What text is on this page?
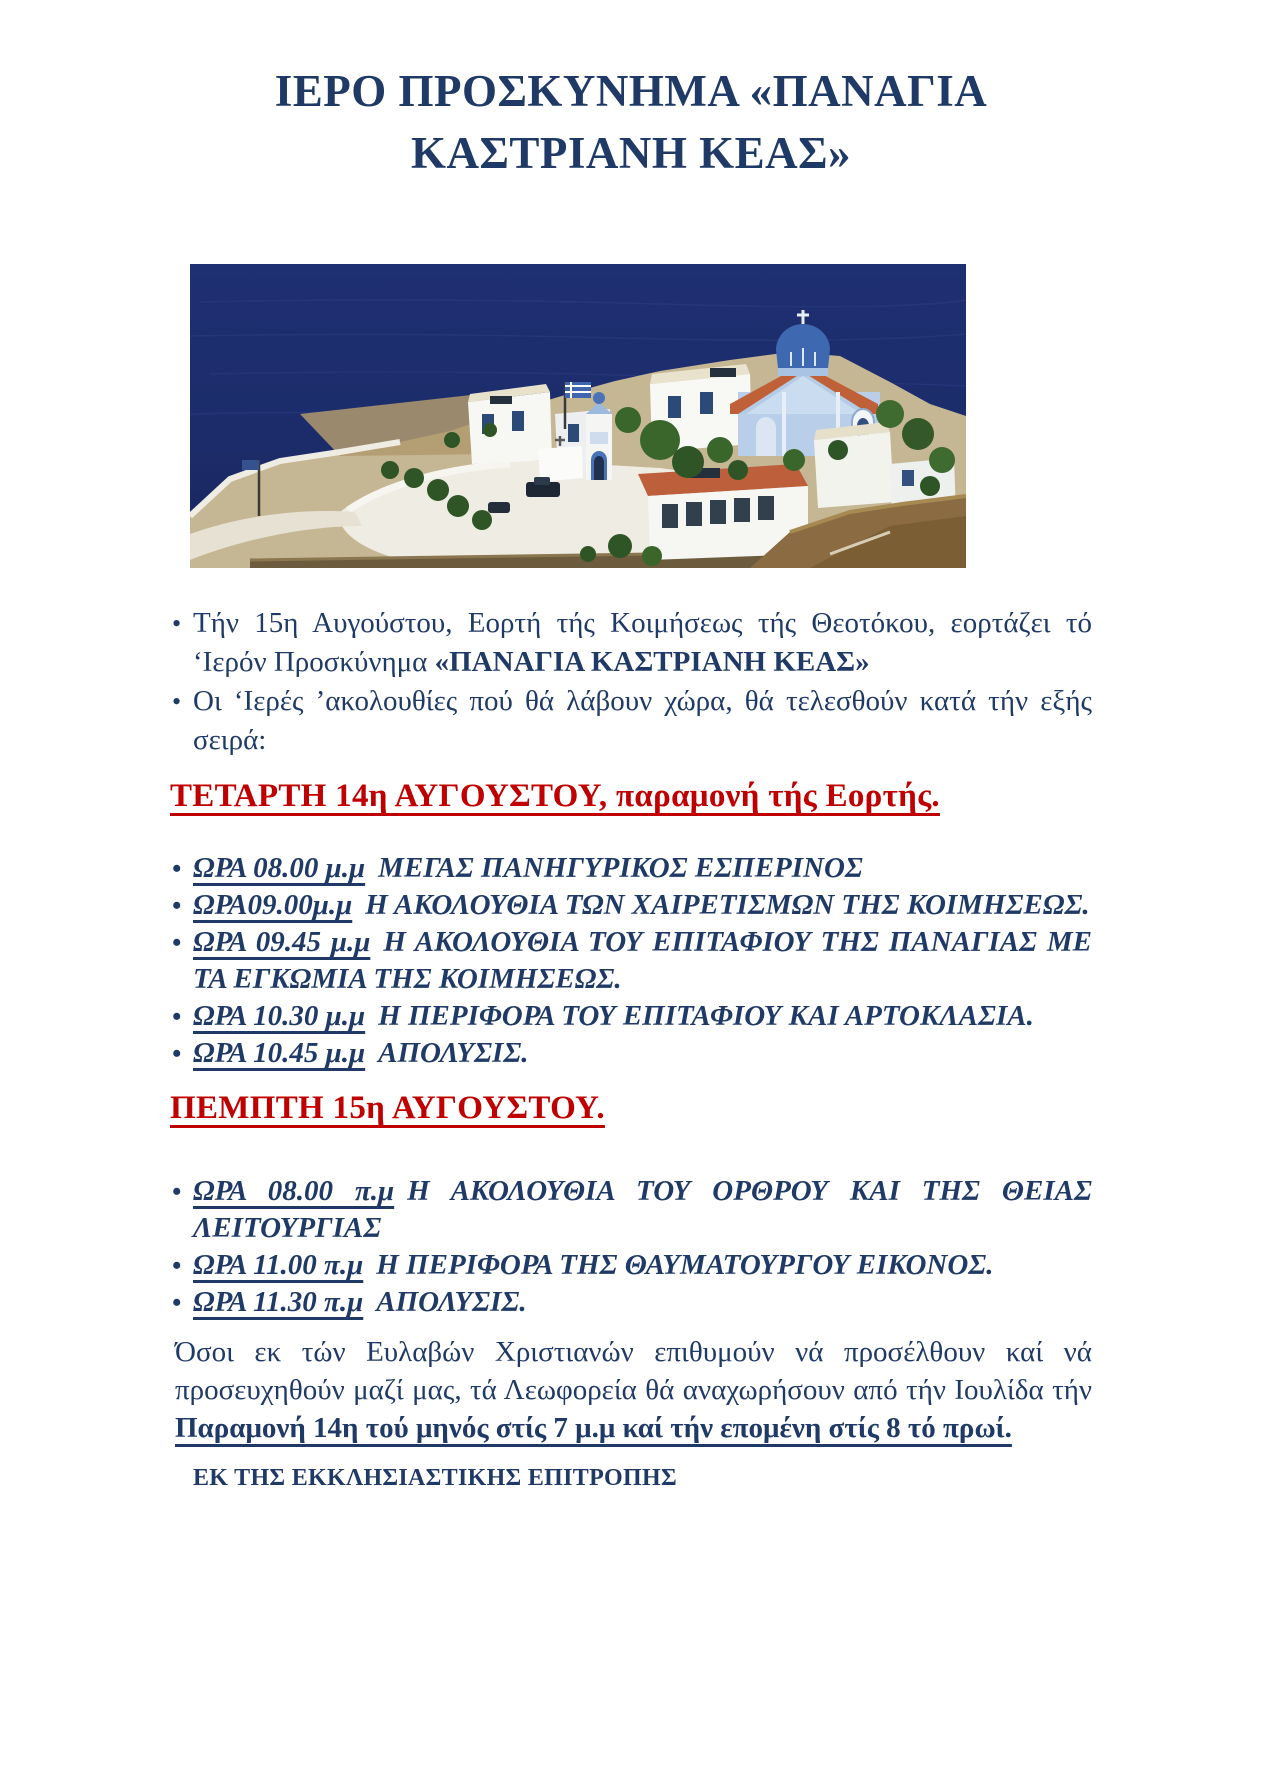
ΙΕΡΟ ΠΡΟΣΚΥΝΗΜΑ «ΠΑΝΑΓΙΑ
ΚΑΣΤΡΙΑΝΗ ΚΕΑΣ»
• Τήν 15η Αυγούστου, Εορτή τής Κοιμήσεως τής Θεοτόκου, εορτάζει τό ‘Ιερόν Προσκύνημα «ΠΑΝΑΓΙΑ ΚΑΣΤΡΙΑΝΗ ΚΕΑΣ»
• Οι ‘Ιερές ’ακολουθίες πού θά λάβουν χώρα, θά τελεσθούν κατά τήν εξής σειρά:
ΤΕΤΑΡΤΗ 14η ΑΥΓΟΥΣΤΟΥ, παραμονή τής Εορτής.
• ΩΡΑ 08.00 μ.μ ΜΕΓΑΣ ΠΑΝΗΓΥΡΙΚΟΣ ΕΣΠΕΡΙΝΟΣ
• ΩΡΑ09.00μ.μ Η ΑΚΟΛΟΥΘΙΑ ΤΩΝ ΧΑΙΡΕΤΙΣΜΩΝ ΤΗΣ ΚΟΙΜΗΣΕΩΣ.
• ΩΡΑ 09.45 μ.μ Η ΑΚΟΛΟΥΘΙΑ ΤΟΥ ΕΠΙΤΑΦΙΟΥ ΤΗΣ ΠΑΝΑΓΙΑΣ ΜΕ ΤΑ ΕΓΚΩΜΙΑ ΤΗΣ ΚΟΙΜΗΣΕΩΣ.
• ΩΡΑ 10.30 μ.μ Η ΠΕΡΙΦΟΡΑ ΤΟΥ ΕΠΙΤΑΦΙΟΥ ΚΑΙ ΑΡΤΟΚΛΑΣΙΑ.
• ΩΡΑ 10.45 μ.μ ΑΠΟΛΥΣΙΣ.
ΠΕΜΠΤΗ 15η ΑΥΓΟΥΣΤΟΥ.
• ΩΡΑ 08.00 π.μ Η ΑΚΟΛΟΥΘΙΑ ΤΟΥ ΟΡΘΡΟΥ ΚΑΙ ΤΗΣ ΘΕΙΑΣ ΛΕΙΤΟΥΡΓΙΑΣ
• ΩΡΑ 11.00 π.μ Η ΠΕΡΙΦΟΡΑ ΤΗΣ ΘΑΥΜΑΤΟΥΡΓΟΥ ΕΙΚΟΝΟΣ.
• ΩΡΑ 11.30 π.μ ΑΠΟΛΥΣΙΣ.

Όσοι εκ τών Ευλαβών Χριστιανών επιθυμούν νά προσέλθουν καί νά προσευχηθούν μαζί μας, τά Λεωφορεία θά αναχωρήσουν από τήν Ιουλίδα τήν Παραμονή 14η τού μηνός στίς 7 μ.μ καί τήν επομένη στίς 8 τό πρωί.

ΕΚ ΤΗΣ ΕΚΚΛΗΣΙΑΣΤΙΚΗΣ ΕΠΙΤΡΟΠΗΣ
